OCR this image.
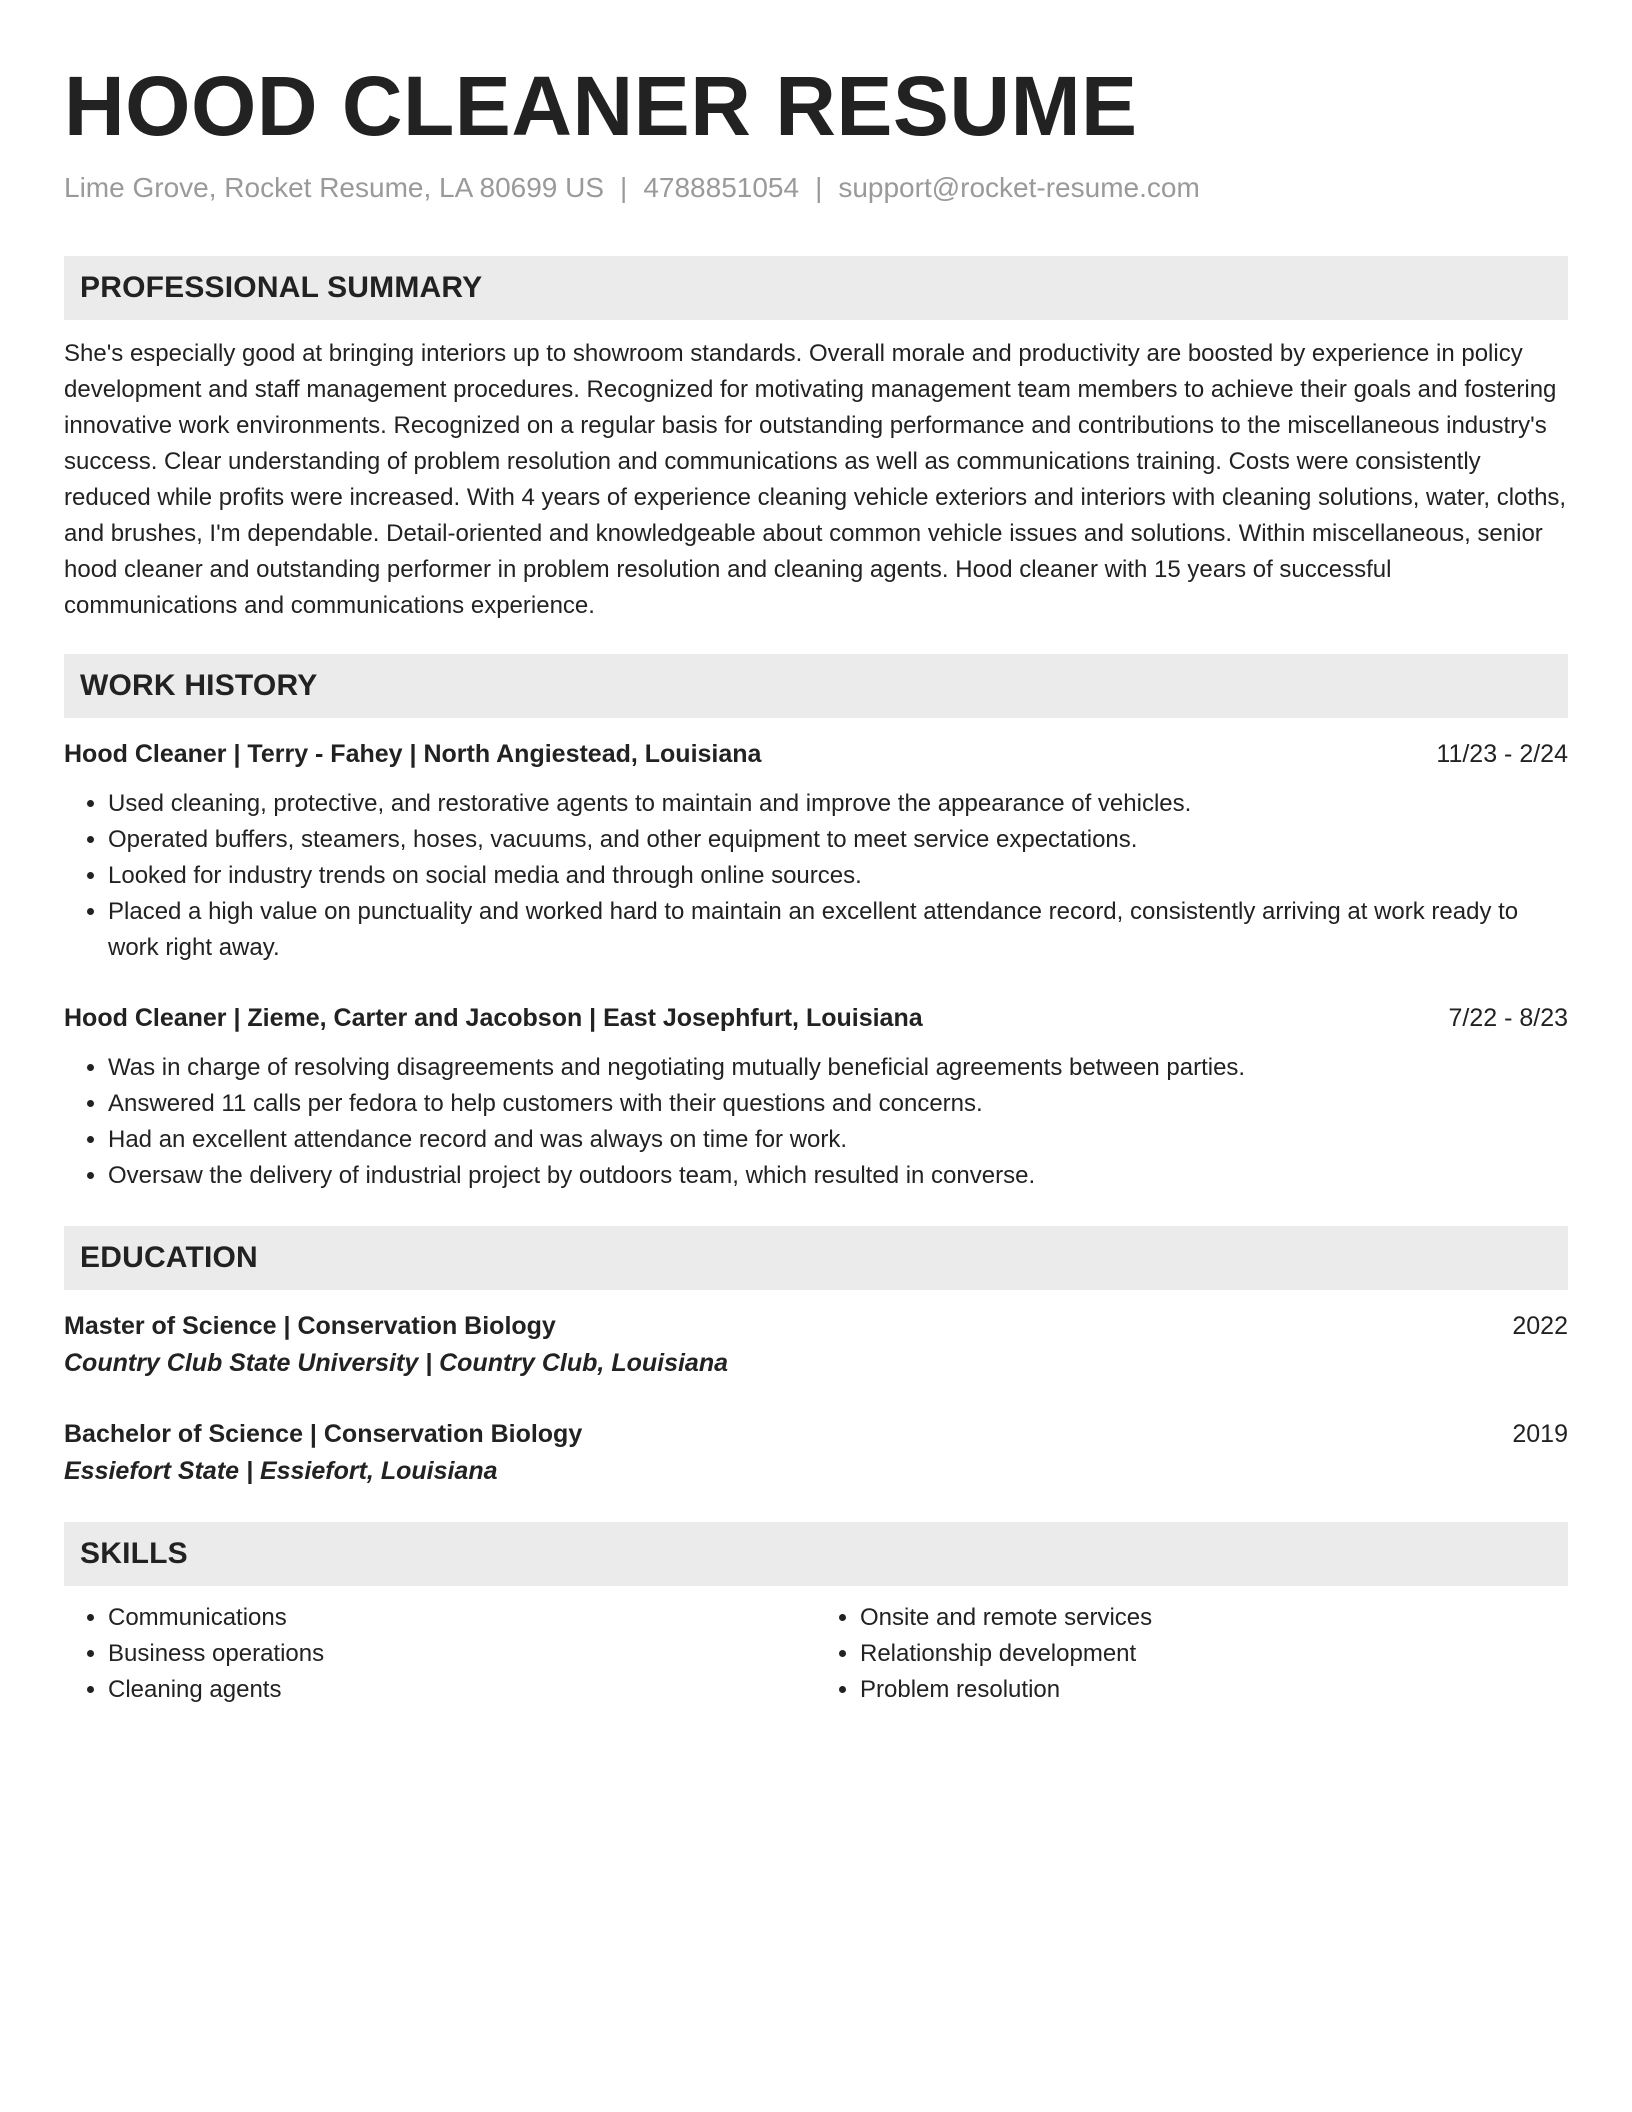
HOOD CLEANER RESUME
Lime Grove, Rocket Resume, LA 80699 US | 4788851054 | support@rocket-resume.com
PROFESSIONAL SUMMARY

She's especially good at bringing interiors up to showroom standards. Overall morale and productivity are boosted by experience in policy development and staff management procedures. Recognized for motivating management team members to achieve their goals and fostering innovative work environments. Recognized on a regular basis for outstanding performance and contributions to the miscellaneous industry's success. Clear understanding of problem resolution and communications as well as communications training. Costs were consistently reduced while profits were increased. With 4 years of experience cleaning vehicle exteriors and interiors with cleaning solutions, water, cloths, and brushes, I'm dependable. Detail-oriented and knowledgeable about common vehicle issues and solutions. Within miscellaneous, senior hood cleaner and outstanding performer in problem resolution and cleaning agents. Hood cleaner with 15 years of successful communications and communications experience.

WORK HISTORY
Hood Cleaner | Terry - Fahey | North Angiestead, Louisiana	11/23 - 2/24
• Used cleaning, protective, and restorative agents to maintain and improve the appearance of vehicles.
• Operated buffers, steamers, hoses, vacuums, and other equipment to meet service expectations.
• Looked for industry trends on social media and through online sources.
• Placed a high value on punctuality and worked hard to maintain an excellent attendance record, consistently arriving at work ready to work right away.
Hood Cleaner | Zieme, Carter and Jacobson | East Josephfurt, Louisiana	7/22 - 8/23
• Was in charge of resolving disagreements and negotiating mutually beneficial agreements between parties.
• Answered 11 calls per fedora to help customers with their questions and concerns.
• Had an excellent attendance record and was always on time for work.
• Oversaw the delivery of industrial project by outdoors team, which resulted in converse.
EDUCATION
Master of Science | Conservation Biology	2022
Country Club State University | Country Club, Louisiana
Bachelor of Science | Conservation Biology	2019
Essiefort State | Essiefort, Louisiana
SKILLS
• Communications
• Business operations
• Cleaning agents
• Onsite and remote services
• Relationship development
• Problem resolution
